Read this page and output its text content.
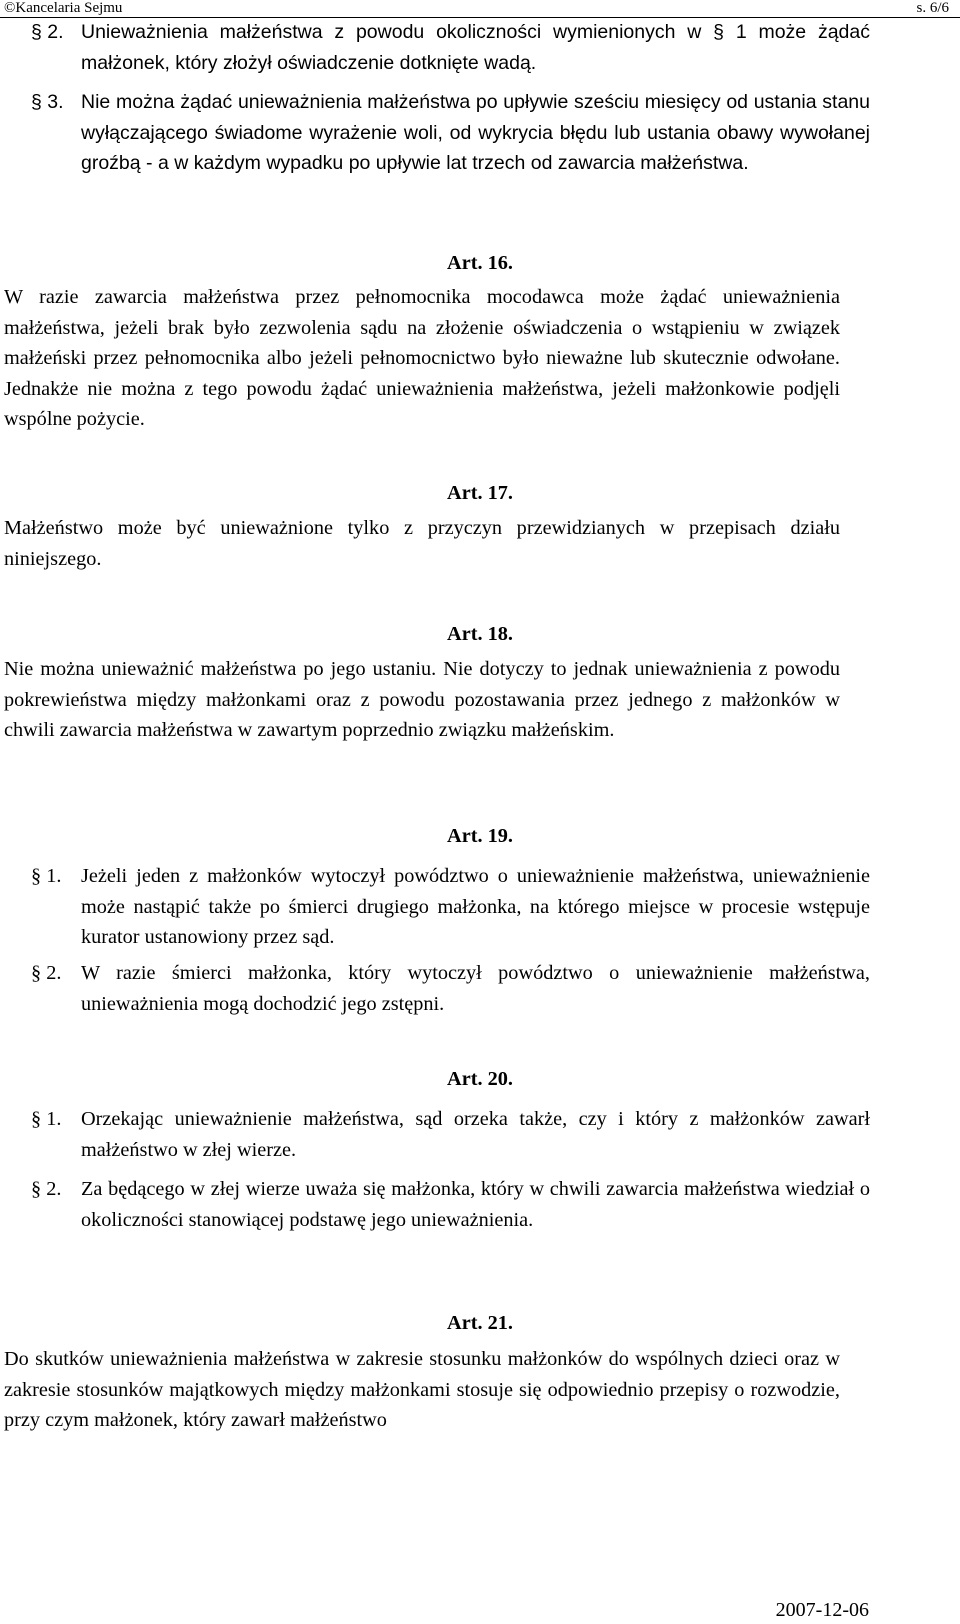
©Kancelaria Sejmu	s. 6/6
§ 2. Unieważnienia małżeństwa z powodu okoliczności wymienionych w § 1 może żądać małżonek, który złożył oświadczenie dotknięte wadą.
§ 3. Nie można żądać unieważnienia małżeństwa po upływie sześciu miesięcy od ustania stanu wyłączającego świadome wyrażenie woli, od wykrycia błędu lub ustania obawy wywołanej groźbą - a w każdym wypadku po upływie lat trzech od zawarcia małżeństwa.
Art. 16.
W razie zawarcia małżeństwa przez pełnomocnika mocodawca może żądać unieważnienia małżeństwa, jeżeli brak było zezwolenia sądu na złożenie oświadczenia o wstąpieniu w związek małżeński przez pełnomocnika albo jeżeli pełnomocnictwo było nieważne lub skutecznie odwołane. Jednakże nie można z tego powodu żądać unieważnienia małżeństwa, jeżeli małżonkowie podjęli wspólne pożycie.
Art. 17.
Małżeństwo może być unieważnione tylko z przyczyn przewidzianych w przepisach działu niniejszego.
Art. 18.
Nie można unieważnić małżeństwa po jego ustaniu. Nie dotyczy to jednak unieważnienia z powodu pokrewieństwa między małżonkami oraz z powodu pozostawania przez jednego z małżonków w chwili zawarcia małżeństwa w zawartym poprzednio związku małżeńskim.
Art. 19.
§ 1. Jeżeli jeden z małżonków wytoczył powództwo o unieważnienie małżeństwa, unieważnienie może nastąpić także po śmierci drugiego małżonka, na którego miejsce w procesie wstępuje kurator ustanowiony przez sąd.
§ 2. W razie śmierci małżonka, który wytoczył powództwo o unieważnienie małżeństwa, unieważnienia mogą dochodzić jego zstępni.
Art. 20.
§ 1. Orzekając unieważnienie małżeństwa, sąd orzeka także, czy i który z małżonków zawarł małżeństwo w złej wierze.
§ 2. Za będącego w złej wierze uważa się małżonka, który w chwili zawarcia małżeństwa wiedział o okoliczności stanowiącej podstawę jego unieważnienia.
Art. 21.
Do skutków unieważnienia małżeństwa w zakresie stosunku małżonków do wspólnych dzieci oraz w zakresie stosunków majątkowych między małżonkami stosuje się odpowiednio przepisy o rozwodzie, przy czym małżonek, który zawarł małżeństwo
2007-12-06
